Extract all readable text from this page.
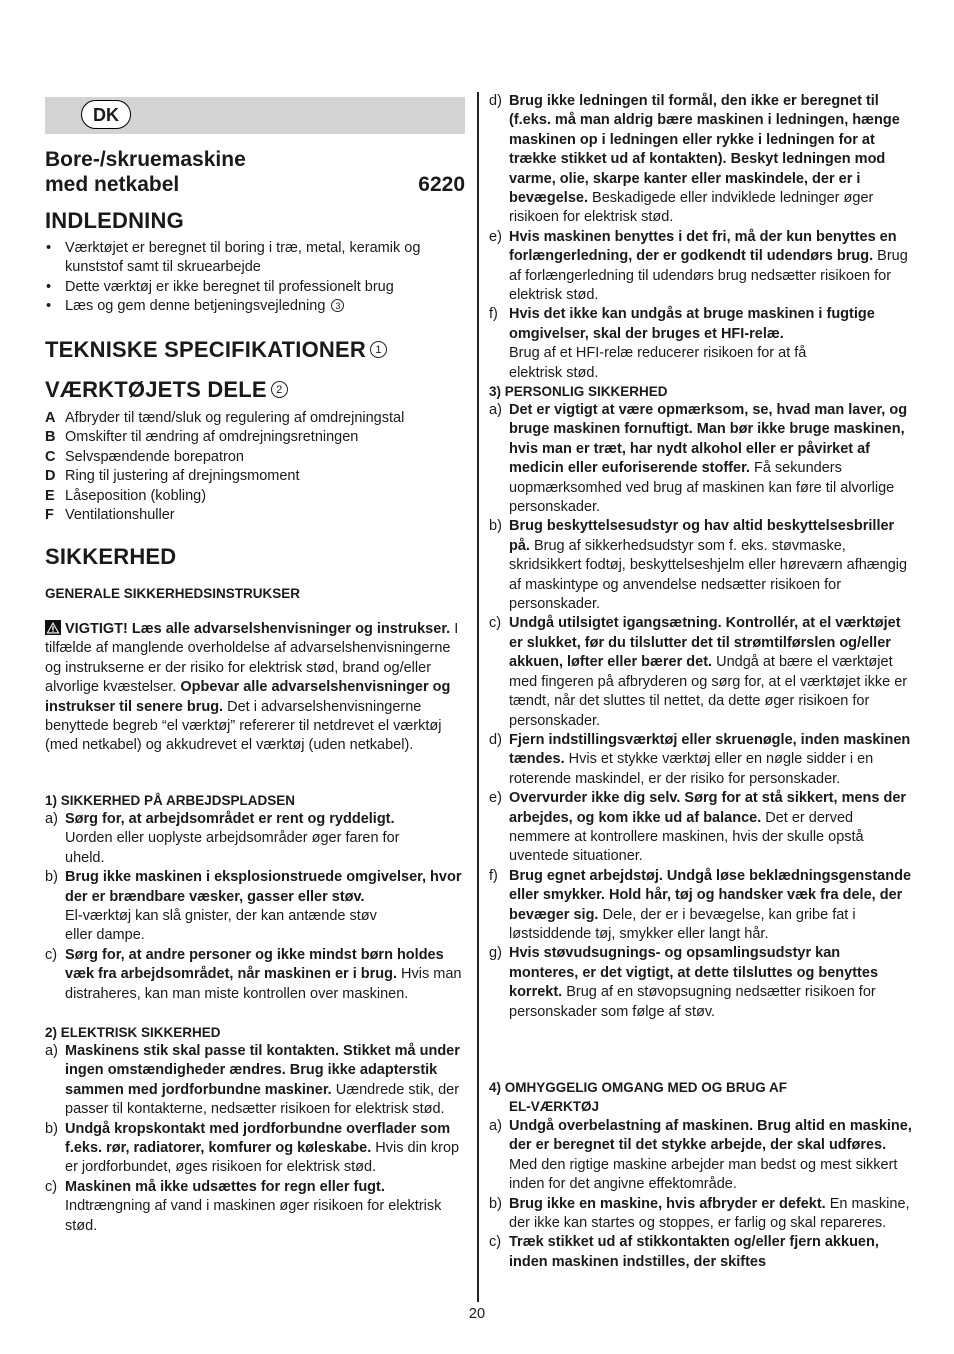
DK
Bore-/skruemaskine
med netkabel	6220
INDLEDNING
• Værktøjet er beregnet til boring i træ, metal, keramik og kunststof samt til skruearbejde
• Dette værktøj er ikke beregnet til professionelt brug
• Læs og gem denne betjeningsvejledning 3
TEKNISKE SPECIFIKATIONER 1
VÆRKTØJETS DELE 2
A Afbryder til tænd/sluk og regulering af omdrejningstal
B Omskifter til ændring af omdrejningsretningen
C Selvspændende borepatron
D Ring til justering af drejningsmoment
E Låseposition (kobling)
F Ventilationshuller
SIKKERHED
GENERALE SIKKERHEDSINSTRUKSER
VIGTIGT! Læs alle advarselshenvisninger og instrukser. I tilfælde af manglende overholdelse af advarselshenvisningerne og instrukserne er der risiko for elektrisk stød, brand og/eller alvorlige kvæstelser. Opbevar alle advarselshenvisninger og instrukser til senere brug. Det i advarselshenvisningerne benyttede begreb “el værktøj” refererer til netdrevet el værktøj (med netkabel) og akkudrevet el værktøj (uden netkabel).
1) SIKKERHED PÅ ARBEJDSPLADSEN
a) Sørg for, at arbejdsområdet er rent og ryddeligt.
Uorden eller uoplyste arbejdsområder øger faren for uheld.
b) Brug ikke maskinen i eksplosionstruede omgivelser, hvor der er brændbare væsker, gasser eller støv.
El-værktøj kan slå gnister, der kan antænde støv eller dampe.
c) Sørg for, at andre personer og ikke mindst børn holdes væk fra arbejdsområdet, når maskinen er i brug. Hvis man distraheres, kan man miste kontrollen over maskinen.
2) ELEKTRISK SIKKERHED
a) Maskinens stik skal passe til kontakten. Stikket må under ingen omstændigheder ændres. Brug ikke adapterstik sammen med jordforbundne maskiner. Uændrede stik, der passer til kontakterne, nedsætter risikoen for elektrisk stød.
b) Undgå kropskontakt med jordforbundne overflader som f.eks. rør, radiatorer, komfurer og køleskabe. Hvis din krop er jordforbundet, øges risikoen for elektrisk stød.
c) Maskinen må ikke udsættes for regn eller fugt.
Indtrængning af vand i maskinen øger risikoen for elektrisk stød.
d) Brug ikke ledningen til formål, den ikke er beregnet til (f.eks. må man aldrig bære maskinen i ledningen, hænge maskinen op i ledningen eller rykke i ledningen for at trække stikket ud af kontakten). Beskyt ledningen mod varme, olie, skarpe kanter eller maskindele, der er i bevægelse. Beskadigede eller indviklede ledninger øger risikoen for elektrisk stød.
e) Hvis maskinen benyttes i det fri, må der kun benyttes en forlængerledning, der er godkendt til udendørs brug. Brug af forlængerledning til udendørs brug nedsætter risikoen for elektrisk stød.
f) Hvis det ikke kan undgås at bruge maskinen i fugtige omgivelser, skal der bruges et HFI-relæ.
Brug af et HFI-relæ reducerer risikoen for at få elektrisk stød.
3) PERSONLIG SIKKERHED
a) Det er vigtigt at være opmærksom, se, hvad man laver, og bruge maskinen fornuftigt. Man bør ikke bruge maskinen, hvis man er træt, har nydt alkohol eller er påvirket af medicin eller euforiserende stoffer. Få sekunders uopmærksomhed ved brug af maskinen kan føre til alvorlige personskader.
b) Brug beskyttelsesudstyr og hav altid beskyttelsesbriller på. Brug af sikkerhedsudstyr som f. eks. støvmaske, skridsikkert fodtøj, beskyttelseshjelm eller høreværn afhængig af maskintype og anvendelse nedsætter risikoen for personskader.
c) Undgå utilsigtet igangsætning. Kontrollér, at el værktøjet er slukket, før du tilslutter det til strømtilførslen og/eller akkuen, løfter eller bærer det. Undgå at bære el værktøjet med fingeren på afbryderen og sørg for, at el værktøjet ikke er tændt, når det sluttes til nettet, da dette øger risikoen for personskader.
d) Fjern indstillingsværktøj eller skruenøgle, inden maskinen tændes. Hvis et stykke værktøj eller en nøgle sidder i en roterende maskindel, er der risiko for personskader.
e) Overvurder ikke dig selv. Sørg for at stå sikkert, mens der arbejdes, og kom ikke ud af balance. Det er derved nemmere at kontrollere maskinen, hvis der skulle opstå uventede situationer.
f) Brug egnet arbejdstøj. Undgå løse beklædningsgenstande eller smykker. Hold hår, tøj og handsker væk fra dele, der bevæger sig. Dele, der er i bevægelse, kan gribe fat i løstsiddende tøj, smykker eller langt hår.
g) Hvis støvudsugnings- og opsamlingsudstyr kan monteres, er det vigtigt, at dette tilsluttes og benyttes korrekt. Brug af en støvopsugning nedsætter risikoen for personskader som følge af støv.
4) OMHYGGELIG OMGANG MED OG BRUG AF
EL-VÆRKTØJ
a) Undgå overbelastning af maskinen. Brug altid en maskine, der er beregnet til det stykke arbejde, der skal udføres. Med den rigtige maskine arbejder man bedst og mest sikkert inden for det angivne effektområde.
b) Brug ikke en maskine, hvis afbryder er defekt. En maskine, der ikke kan startes og stoppes, er farlig og skal repareres.
c) Træk stikket ud af stikkontakten og/eller fjern akkuen, inden maskinen indstilles, der skiftes
20
